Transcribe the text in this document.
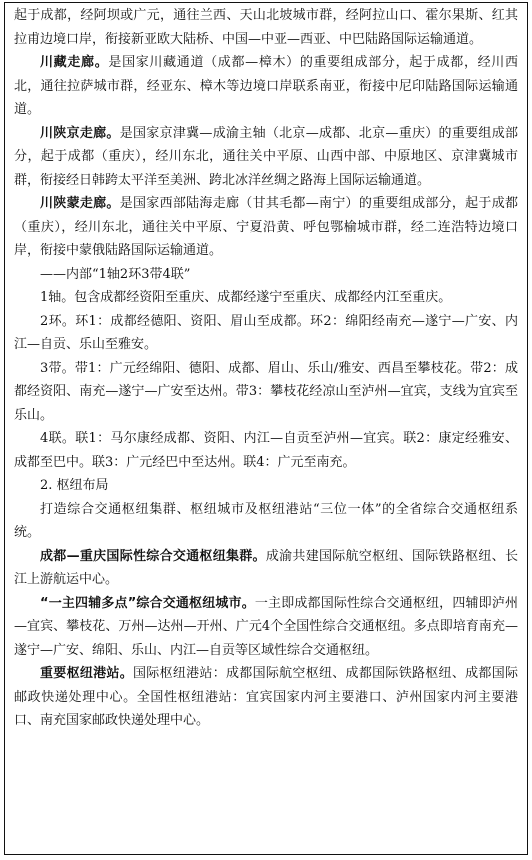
起于成都，经阿坝或广元，通往兰西、天山北坡城市群，经阿拉山口、霍尔果斯、红其拉甫边境口岸，衔接新亚欧大陆桥、中国—中亚—西亚、中巴陆路国际运输通道。

川藏走廊。是国家川藏通道（成都—樟木）的重要组成部分，起于成都，经川西北，通往拉萨城市群，经亚东、樟木等边境口岸联系南亚，衔接中尼印陆路国际运输通道。

川陕京走廊。是国家京津冀—成渝主轴（北京—成都、北京—重庆）的重要组成部分，起于成都（重庆），经川东北，通往关中平原、山西中部、中原地区、京津冀城市群，衔接经日韩跨太平洋至美洲、跨北冰洋丝绸之路海上国际运输通道。

川陕蒙走廊。是国家西部陆海走廊（甘其毛都—南宁）的重要组成部分，起于成都（重庆），经川东北，通往关中平原、宁夏沿黄、呼包鄂榆城市群，经二连浩特边境口岸，衔接中蒙俄陆路国际运输通道。

——内部“1轴2环3带4联”

1轴。包含成都经资阳至重庆、成都经遂宁至重庆、成都经内江至重庆。

2环。环1：成都经德阳、资阳、眉山至成都。环2：绵阳经南充—遂宁—广安、内江—自贡、乐山至雅安。

3带。带1：广元经绵阳、德阳、成都、眉山、乐山/雅安、西昌至攀枝花。带2：成都经资阳、南充—遂宁—广安至达州。带3：攀枝花经凉山至泸州—宜宾，支线为宜宾至乐山。

4联。联1：马尔康经成都、资阳、内江—自贡至泸州—宜宾。联2：康定经雅安、成都至巴中。联3：广元经巴中至达州。联4：广元至南充。

2. 枢纽布局

打造综合交通枢纽集群、枢纽城市及枢纽港站“三位一体”的全省综合交通枢纽系统。

成都—重庆国际性综合交通枢纽集群。成渝共建国际航空枢纽、国际铁路枢纽、长江上游航运中心。

“一主四辅多点”综合交通枢纽城市。一主即成都国际性综合交通枢纽，四辅即泸州—宜宾、攀枝花、万州—达州—开州、广元4个全国性综合交通枢纽。多点即培育南充—遂宁—广安、绵阳、乐山、内江—自贡等区域性综合交通枢纽。

重要枢纽港站。国际枢纽港站：成都国际航空枢纽、成都国际铁路枢纽、成都国际邮政快递处理中心。全国性枢纽港站：宜宾国家内河主要港口、泸州国家内河主要港口、南充国家邮政快递处理中心。
